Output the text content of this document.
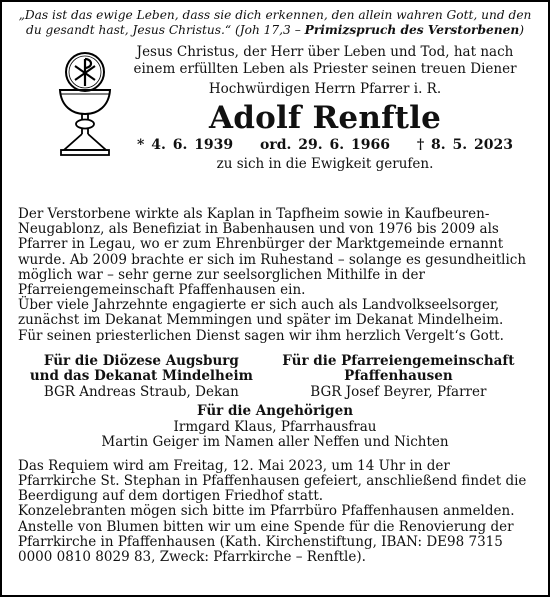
„Das ist das ewige Leben, dass sie dich erkennen, den allein wahren Gott, und den
du gesandt hast, Jesus Christus.“ (Joh 17,3 – Primizspruch des Verstorbenen)
Jesus Christus, der Herr über Leben und Tod, hat nach
einem erfüllten Leben als Priester seinen treuen Diener
Hochwürdigen Herrn Pfarrer i. R.
Adolf Renftle
* 4. 6. 1939 ord. 29. 6. 1966 † 8. 5. 2023
zu sich in die Ewigkeit gerufen.

Der Verstorbene wirkte als Kaplan in Tapfheim sowie in Kaufbeuren-Neugablonz, als Benefiziat in Babenhausen und von 1976 bis 2009 als Pfarrer in Legau, wo er zum Ehrenbürger der Marktgemeinde ernannt wurde. Ab 2009 brachte er sich im Ruhestand – solange es gesundheitlich möglich war – sehr gerne zur seelsorglichen Mithilfe in der Pfarreiengemeinschaft Pfaffenhausen ein.

Über viele Jahrzehnte engagierte er sich auch als Landvolkseelsorger, zunächst im Dekanat Memmingen und später im Dekanat Mindelheim.

Für seinen priesterlichen Dienst sagen wir ihm herzlich Vergelt‘s Gott.

Für die Diözese Augsburg
und das Dekanat Mindelheim
BGR Andreas Straub, Dekan
Für die Pfarreiengemeinschaft
Pfaffenhausen
BGR Josef Beyrer, Pfarrer
Für die Angehörigen
Irmgard Klaus, Pfarrhausfrau
Martin Geiger im Namen aller Neffen und Nichten

Das Requiem wird am Freitag, 12. Mai 2023, um 14 Uhr in der Pfarrkirche St. Stephan in Pfaffenhausen gefeiert, anschließend findet die Beerdigung auf dem dortigen Friedhof statt.

Konzelebranten mögen sich bitte im Pfarrbüro Pfaffenhausen anmelden.

Anstelle von Blumen bitten wir um eine Spende für die Renovierung der Pfarrkirche in Pfaffenhausen (Kath. Kirchenstiftung, IBAN: DE98 7315 0000 0810 8029 83, Zweck: Pfarrkirche – Renftle).
